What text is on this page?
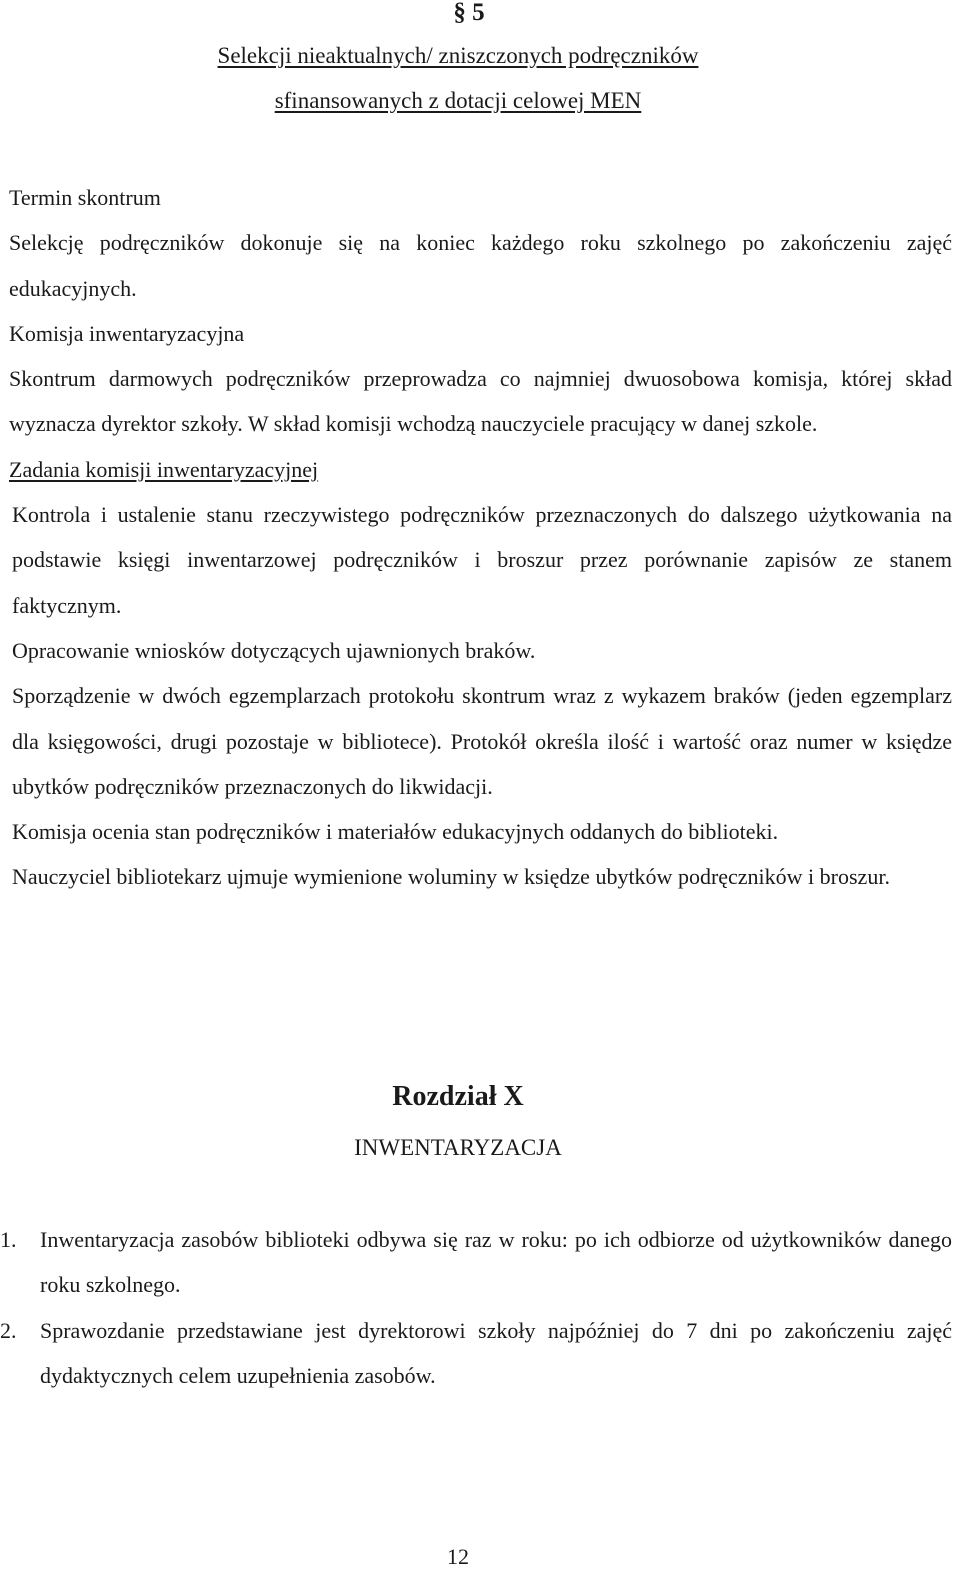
§ 5
Selekcji nieaktualnych/ zniszczonych podręczników
sfinansowanych z dotacji celowej MEN

Termin skontrum

Selekcję podręczników dokonuje się na koniec każdego roku szkolnego po zakończeniu zajęć edukacyjnych.

Komisja inwentaryzacyjna

Skontrum darmowych podręczników przeprowadza co najmniej dwuosobowa komisja, której skład wyznacza dyrektor szkoły. W skład komisji wchodzą nauczyciele pracujący w danej szkole.

Zadania komisji inwentaryzacyjnej

Kontrola i ustalenie stanu rzeczywistego podręczników przeznaczonych do dalszego użytkowania na podstawie księgi inwentarzowej podręczników i broszur przez porównanie zapisów ze stanem faktycznym.

Opracowanie wniosków dotyczących ujawnionych braków.

Sporządzenie w dwóch egzemplarzach protokołu skontrum wraz z wykazem braków (jeden egzemplarz dla księgowości, drugi pozostaje w bibliotece). Protokół określa ilość i wartość oraz numer w księdze ubytków podręczników przeznaczonych do likwidacji.

Komisja ocenia stan podręczników i materiałów edukacyjnych oddanych do biblioteki.

Nauczyciel bibliotekarz ujmuje wymienione woluminy w księdze ubytków podręczników i broszur.

Rozdział X
INWENTARYZACJA
1.	Inwentaryzacja zasobów biblioteki odbywa się raz w roku: po ich odbiorze od użytkowników danego roku szkolnego.
2.	Sprawozdanie przedstawiane jest dyrektorowi szkoły najpóźniej do 7 dni po zakończeniu zajęć dydaktycznych celem uzupełnienia zasobów.
12
